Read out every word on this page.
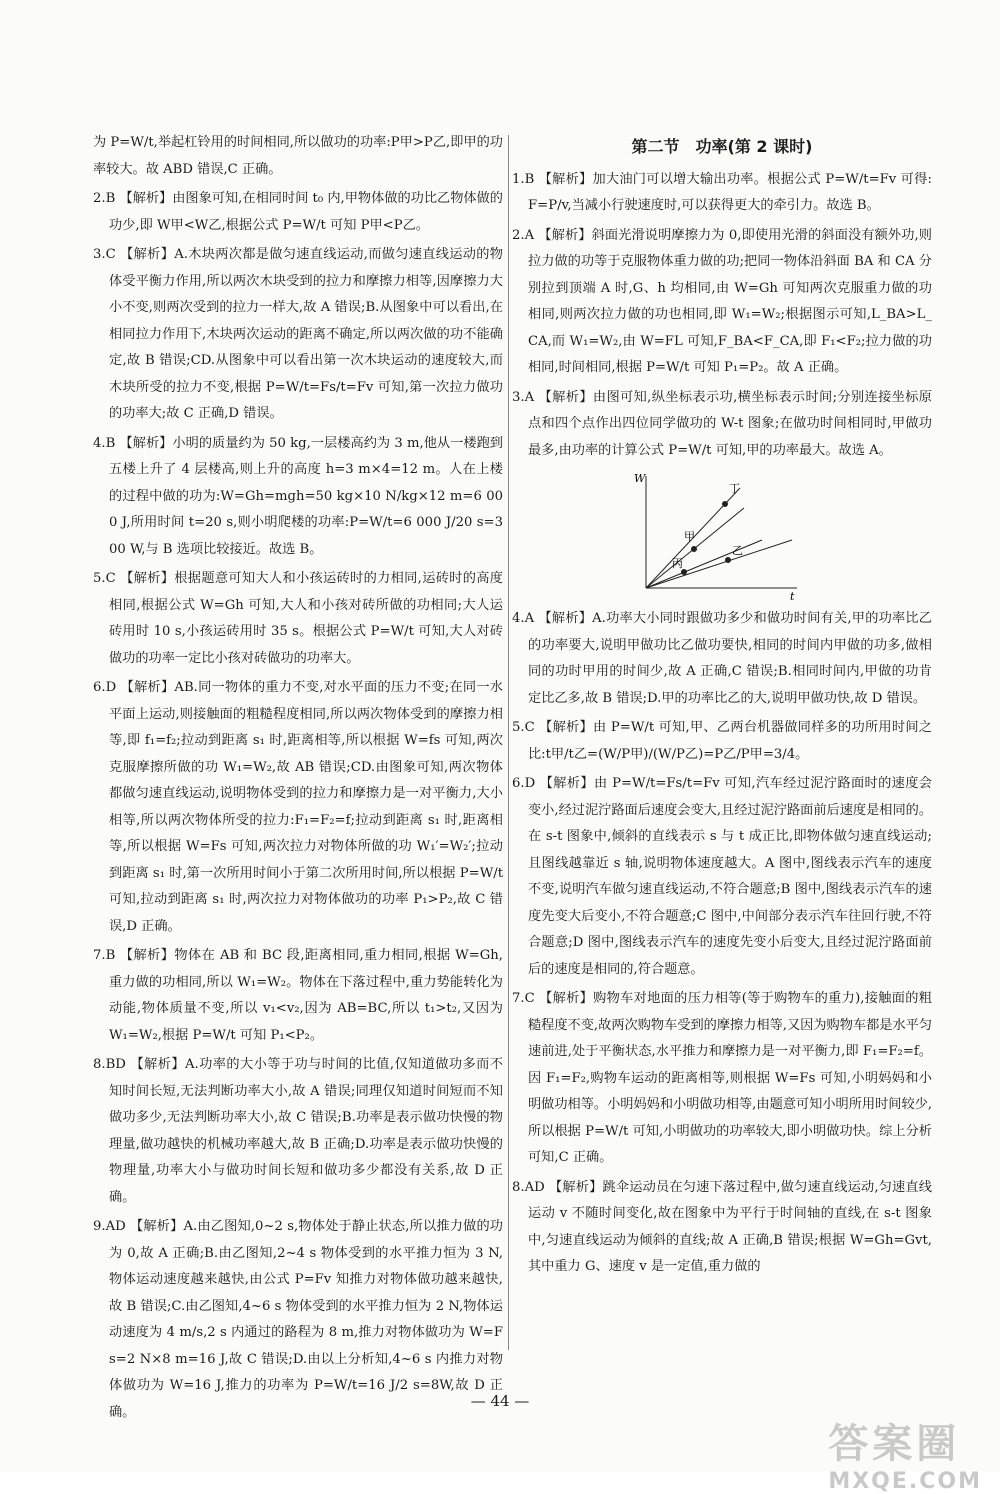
为 P=W/t,举起杠铃用的时间相同,所以做功的功率:P甲>P乙,即甲的功率较大。故 ABD 错误,C 正确。

2.B 【解析】由图象可知,在相同时间 t₀ 内,甲物体做的功比乙物体做的功少,即 W甲<W乙,根据公式 P=W/t 可知 P甲<P乙。

3.C 【解析】A.木块两次都是做匀速直线运动,而做匀速直线运动的物体受平衡力作用,所以两次木块受到的拉力和摩擦力相等,因摩擦力大小不变,则两次受到的拉力一样大,故 A 错误;B.从图象中可以看出,在相同拉力作用下,木块两次运动的距离不确定,所以两次做的功不能确定,故 B 错误;CD.从图象中可以看出第一次木块运动的速度较大,而木块所受的拉力不变,根据 P=W/t=Fs/t=Fv 可知,第一次拉力做功的功率大;故 C 正确,D 错误。

4.B 【解析】小明的质量约为 50 kg,一层楼高约为 3 m,他从一楼跑到五楼上升了 4 层楼高,则上升的高度 h=3 m×4=12 m。人在上楼的过程中做的功为:W=Gh=mgh=50 kg×10 N/kg×12 m=6 000 J,所用时间 t=20 s,则小明爬楼的功率:P=W/t=6 000 J/20 s=300 W,与 B 选项比较接近。故选 B。

5.C 【解析】根据题意可知大人和小孩运砖时的力相同,运砖时的高度相同,根据公式 W=Gh 可知,大人和小孩对砖所做的功相同;大人运砖用时 10 s,小孩运砖用时 35 s。根据公式 P=W/t 可知,大人对砖做功的功率一定比小孩对砖做功的功率大。

6.D 【解析】AB.同一物体的重力不变,对水平面的压力不变;在同一水平面上运动,则接触面的粗糙程度相同,所以两次物体受到的摩擦力相等,即 f₁=f₂;拉动到距离 s₁ 时,距离相等,所以根据 W=fs 可知,两次克服摩擦所做的功 W₁=W₂,故 AB 错误;CD.由图象可知,两次物体都做匀速直线运动,说明物体受到的拉力和摩擦力是一对平衡力,大小相等,所以两次物体所受的拉力:F₁=F₂=f;拉动到距离 s₁ 时,距离相等,所以根据 W=Fs 可知,两次拉力对物体所做的功 W₁′=W₂′;拉动到距离 s₁ 时,第一次所用时间小于第二次所用时间,所以根据 P=W/t 可知,拉动到距离 s₁ 时,两次拉力对物体做功的功率 P₁>P₂,故 C 错误,D 正确。

7.B 【解析】物体在 AB 和 BC 段,距离相同,重力相同,根据 W=Gh,重力做的功相同,所以 W₁=W₂。物体在下落过程中,重力势能转化为动能,物体质量不变,所以 v₁<v₂,因为 AB=BC,所以 t₁>t₂,又因为 W₁=W₂,根据 P=W/t 可知 P₁<P₂。

8.BD 【解析】A.功率的大小等于功与时间的比值,仅知道做功多而不知时间长短,无法判断功率大小,故 A 错误;同理仅知道时间短而不知做功多少,无法判断功率大小,故 C 错误;B.功率是表示做功快慢的物理量,做功越快的机械功率越大,故 B 正确;D.功率是表示做功快慢的物理量,功率大小与做功时间长短和做功多少都没有关系,故 D 正确。

9.AD 【解析】A.由乙图知,0~2 s,物体处于静止状态,所以推力做的功为 0,故 A 正确;B.由乙图知,2~4 s 物体受到的水平推力恒为 3 N,物体运动速度越来越快,由公式 P=Fv 知推力对物体做功越来越快,故 B 错误;C.由乙图知,4~6 s 物体受到的水平推力恒为 2 N,物体运动速度为 4 m/s,2 s 内通过的路程为 8 m,推力对物体做功为 W=Fs=2 N×8 m=16 J,故 C 错误;D.由以上分析知,4~6 s 内推力对物体做功为 W=16 J,推力的功率为 P=W/t=16 J/2 s=8W,故 D 正确。

第二节　功率(第 2 课时)

1.B 【解析】加大油门可以增大输出功率。根据公式 P=W/t=Fv 可得:F=P/v,当减小行驶速度时,可以获得更大的牵引力。故选 B。

2.A 【解析】斜面光滑说明摩擦力为 0,即使用光滑的斜面没有额外功,则拉力做的功等于克服物体重力做的功;把同一物体沿斜面 BA 和 CA 分别拉到顶端 A 时,G、h 均相同,由 W=Gh 可知两次克服重力做的功相同,则两次拉力做的功也相同,即 W₁=W₂;根据图示可知,L_BA>L_CA,而 W₁=W₂,由 W=FL 可知,F_BA<F_CA,即 F₁<F₂;拉力做的功相同,时间相同,根据 P=W/t 可知 P₁=P₂。故 A 正确。

3.A 【解析】由图可知,纵坐标表示功,横坐标表示时间;分别连接坐标原点和四个点作出四位同学做功的 W-t 图象;在做功时间相同时,甲做功最多,由功率的计算公式 P=W/t 可知,甲的功率最大。故选 A。

W
t
丁
甲
丙
乙

4.A 【解析】A.功率大小同时跟做功多少和做功时间有关,甲的功率比乙的功率要大,说明甲做功比乙做功要快,相同的时间内甲做的功多,做相同的功时甲用的时间少,故 A 正确,C 错误;B.相同时间内,甲做的功肯定比乙多,故 B 错误;D.甲的功率比乙的大,说明甲做功快,故 D 错误。

5.C 【解析】由 P=W/t 可知,甲、乙两台机器做同样多的功所用时间之比:t甲/t乙=(W/P甲)/(W/P乙)=P乙/P甲=3/4。

6.D 【解析】由 P=W/t=Fs/t=Fv 可知,汽车经过泥泞路面时的速度会变小,经过泥泞路面后速度会变大,且经过泥泞路面前后速度是相同的。在 s-t 图象中,倾斜的直线表示 s 与 t 成正比,即物体做匀速直线运动;且图线越靠近 s 轴,说明物体速度越大。A 图中,图线表示汽车的速度不变,说明汽车做匀速直线运动,不符合题意;B 图中,图线表示汽车的速度先变大后变小,不符合题意;C 图中,中间部分表示汽车往回行驶,不符合题意;D 图中,图线表示汽车的速度先变小后变大,且经过泥泞路面前后的速度是相同的,符合题意。

7.C 【解析】购物车对地面的压力相等(等于购物车的重力),接触面的粗糙程度不变,故两次购物车受到的摩擦力相等,又因为购物车都是水平匀速前进,处于平衡状态,水平推力和摩擦力是一对平衡力,即 F₁=F₂=f。因 F₁=F₂,购物车运动的距离相等,则根据 W=Fs 可知,小明妈妈和小明做功相等。小明妈妈和小明做功相等,由题意可知小明所用时间较少,所以根据 P=W/t 可知,小明做功的功率较大,即小明做功快。综上分析可知,C 正确。

8.AD 【解析】跳伞运动员在匀速下落过程中,做匀速直线运动,匀速直线运动 v 不随时间变化,故在图象中为平行于时间轴的直线,在 s-t 图象中,匀速直线运动为倾斜的直线;故 A 正确,B 错误;根据 W=Gh=Gvt,其中重力 G、速度 v 是一定值,重力做的

— 44 —
答案圈
MXQE.COM
